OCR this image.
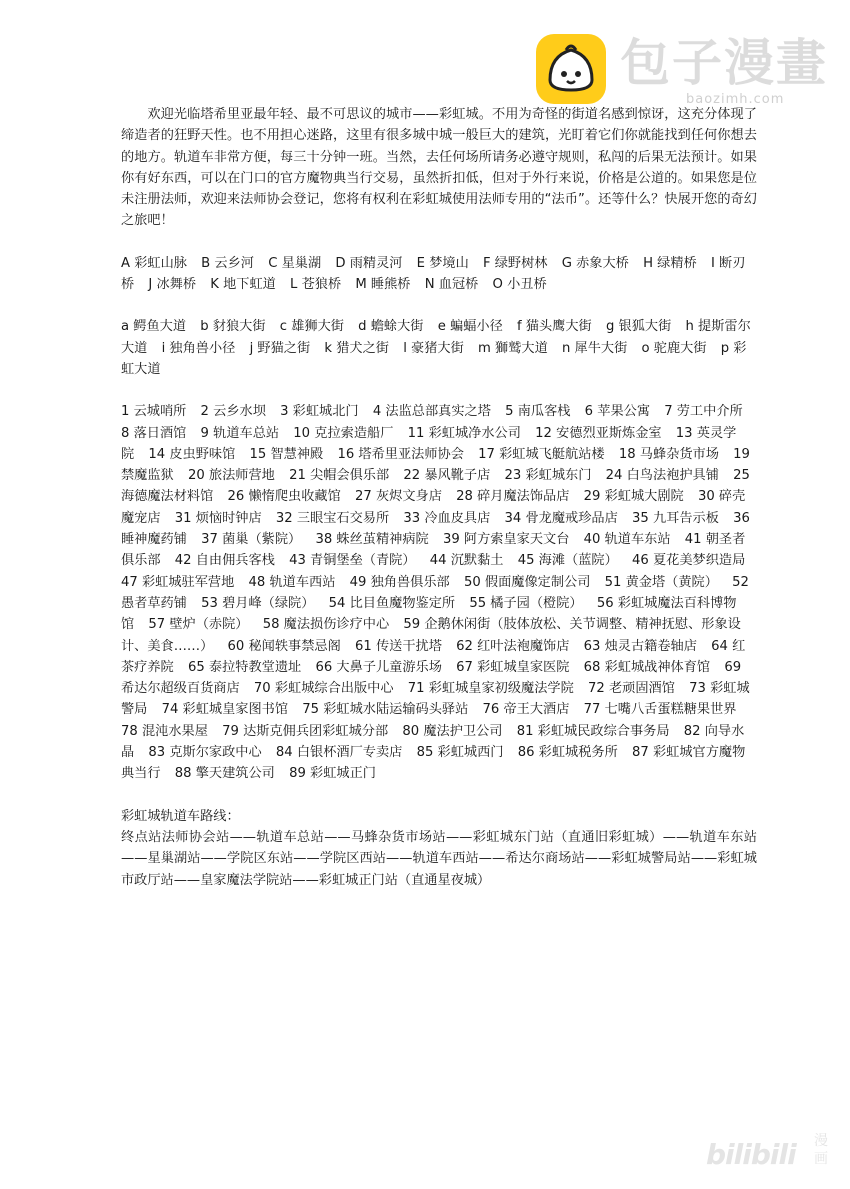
包子漫畫
baozimh.com

欢迎光临塔希里亚最年轻、最不可思议的城市——彩虹城。不用为奇怪的街道名感到惊讶，这充分体现了缔造者的狂野天性。也不用担心迷路，这里有很多城中城一般巨大的建筑，光盯着它们你就能找到任何你想去的地方。轨道车非常方便，每三十分钟一班。当然，去任何场所请务必遵守规则，私闯的后果无法预计。如果你有好东西，可以在门口的官方魔物典当行交易，虽然折扣低，但对于外行来说，价格是公道的。如果您是位未注册法师，欢迎来法师协会登记，您将有权利在彩虹城使用法师专用的“法币”。还等什么？快展开您的奇幻之旅吧！

A 彩虹山脉 B 云乡河 C 星巢湖 D 雨精灵河 E 梦境山 F 绿野树林 G 赤象大桥 H 绿精桥 I 断刃桥 J 冰舞桥 K 地下虹道 L 苍狼桥 M 睡熊桥 N 血冠桥 O 小丑桥

a 鳄鱼大道 b 豺狼大街 c 雄狮大街 d 蟾蜍大街 e 蝙蝠小径 f 猫头鹰大街 g 银狐大街 h 提斯雷尔大道 i 独角兽小径 j 野猫之街 k 猎犬之街 l 豪猪大街 m 獅鹫大道 n 犀牛大街 o 驼鹿大街 p 彩虹大道

1 云城哨所 2 云乡水坝 3 彩虹城北门 4 法监总部真实之塔 5 南瓜客栈 6 苹果公寓 7 劳工中介所 8 落日酒馆 9 轨道车总站 10 克拉索造船厂 11 彩虹城净水公司 12 安德烈亚斯炼金室 13 英灵学院 14 皮虫野味馆 15 智慧神殿 16 塔希里亚法师协会 17 彩虹城飞艇航站楼 18 马蜂杂货市场 19 禁魔监狱 20 旅法师营地 21 尖帽会俱乐部 22 暴风靴子店 23 彩虹城东门 24 白鸟法袍护具铺 25 海德魔法材料馆 26 懒惰爬虫收藏馆 27 灰烬文身店 28 碎月魔法饰品店 29 彩虹城大剧院 30 碎壳魔宠店 31 烦恼时钟店 32 三眼宝石交易所 33 冷血皮具店 34 骨龙魔戒珍品店 35 九耳告示板 36 睡神魔药铺 37 菌巢（紫院） 38 蛛丝茧精神病院 39 阿方索皇家天文台 40 轨道车东站 41 朝圣者俱乐部 42 自由佣兵客栈 43 青铜堡垒（青院） 44 沉默黏土 45 海滩（蓝院） 46 夏花美梦织造局 47 彩虹城驻军营地 48 轨道车西站 49 独角兽俱乐部 50 假面魔像定制公司 51 黄金塔（黄院） 52 愚者草药铺 53 碧月峰（绿院） 54 比目鱼魔物鉴定所 55 橘子园（橙院） 56 彩虹城魔法百科博物馆 57 壁炉（赤院） 58 魔法损伤诊疗中心 59 企鹅休闲街（肢体放松、关节调整、精神抚慰、形象设计、美食……） 60 秘闻轶事禁忌阁 61 传送干扰塔 62 红叶法袍魔饰店 63 烛灵古籍卷轴店 64 红茶疗养院 65 泰拉特教堂遗址 66 大鼻子儿童游乐场 67 彩虹城皇家医院 68 彩虹城战神体育馆 69 希达尔超级百货商店 70 彩虹城综合出版中心 71 彩虹城皇家初级魔法学院 72 老顽固酒馆 73 彩虹城警局 74 彩虹城皇家图书馆 75 彩虹城水陆运输码头驿站 76 帝王大酒店 77 七嘴八舌蛋糕糖果世界 78 混沌水果屋 79 达斯克佣兵团彩虹城分部 80 魔法护卫公司 81 彩虹城民政综合事务局 82 向导水晶 83 克斯尔家政中心 84 白银杯酒厂专卖店 85 彩虹城西门 86 彩虹城税务所 87 彩虹城官方魔物典当行 88 擎天建筑公司 89 彩虹城正门

彩虹城轨道车路线：

终点站法师协会站——轨道车总站——马蜂杂货市场站——彩虹城东门站（直通旧彩虹城）——轨道车东站——星巢湖站——学院区东站——学院区西站——轨道车西站——希达尔商场站——彩虹城警局站——彩虹城市政厅站——皇家魔法学院站——彩虹城正门站（直通星夜城）

bilibili 漫画
